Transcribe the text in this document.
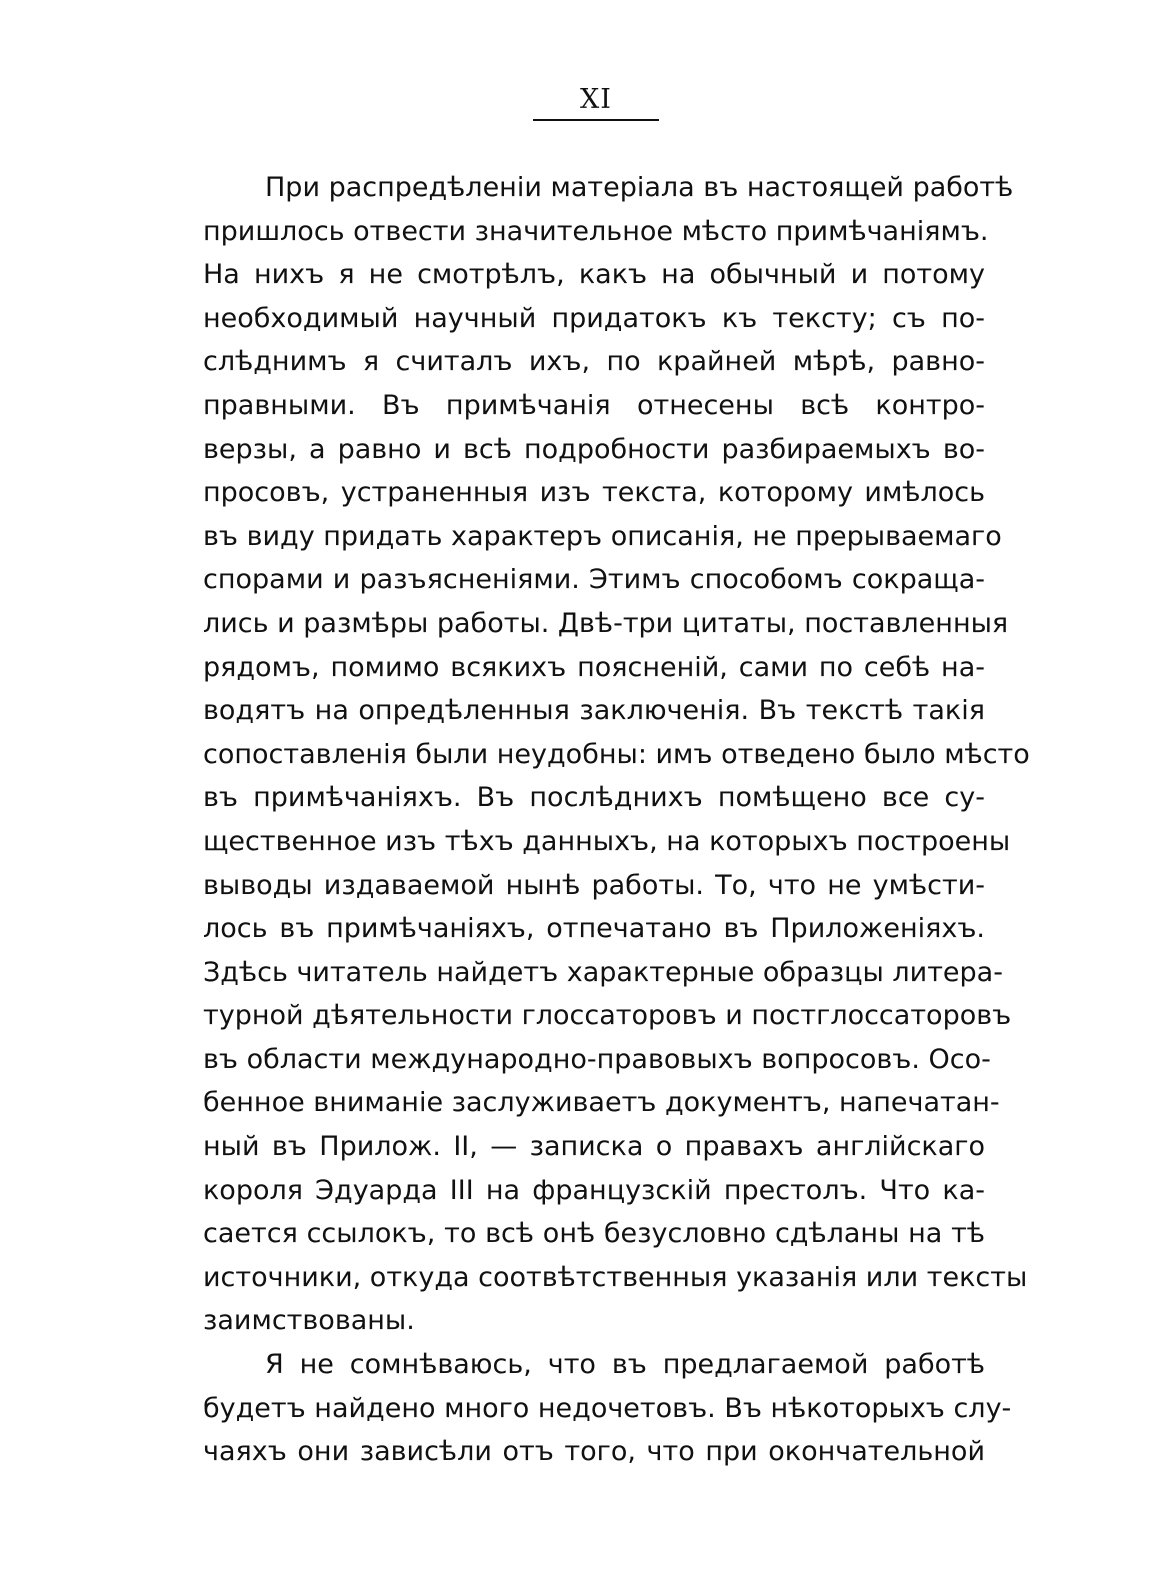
XI
При распредѣленіи матеріала въ настоящей работѣ
пришлось отвести значительное мѣсто примѣчаніямъ.
На нихъ я не смотрѣлъ, какъ на обычный и потому
необходимый научный придатокъ къ тексту; съ по-
слѣднимъ я считалъ ихъ, по крайней мѣрѣ, равно-
правными. Въ примѣчанія отнесены всѣ контро-
верзы, а равно и всѣ подробности разбираемыхъ во-
просовъ, устраненныя изъ текста, которому имѣлось
въ виду придать характеръ описанія, не прерываемаго
спорами и разъясненіями. Этимъ способомъ сокраща-
лись и размѣры работы. Двѣ-три цитаты, поставленныя
рядомъ, помимо всякихъ поясненій, сами по себѣ на-
водятъ на опредѣленныя заключенія. Въ текстѣ такія
сопоставленія были неудобны: имъ отведено было мѣсто
въ примѣчаніяхъ. Въ послѣднихъ помѣщено все су-
щественное изъ тѣхъ данныхъ, на которыхъ построены
выводы издаваемой нынѣ работы. То, что не умѣсти-
лось въ примѣчаніяхъ, отпечатано въ Приложеніяхъ.
Здѣсь читатель найдетъ характерные образцы литера-
турной дѣятельности глоссаторовъ и постглоссаторовъ
въ области международно-правовыхъ вопросовъ. Осо-
бенное вниманіе заслуживаетъ документъ, напечатан-
ный въ Прилож. II, — записка о правахъ англійскаго
короля Эдуарда III на французскій престолъ. Что ка-
сается ссылокъ, то всѣ онѣ безусловно сдѣланы на тѣ
источники, откуда соотвѣтственныя указанія или тексты
заимствованы.
Я не сомнѣваюсь, что въ предлагаемой работѣ
будетъ найдено много недочетовъ. Въ нѣкоторыхъ слу-
чаяхъ они зависѣли отъ того, что при окончательной
